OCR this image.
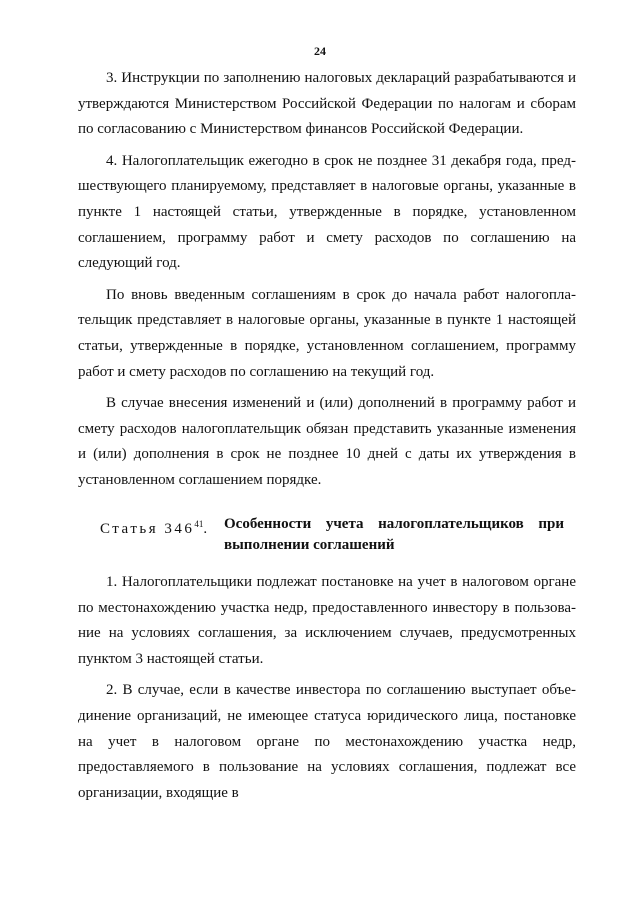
24

3. Инструкции по заполнению налоговых деклараций разрабатываются и утверждаются Министерством Российской Федерации по налогам и сборам по согласованию с Министерством финансов Российской Федерации.

4. Налогоплательщик ежегодно в срок не позднее 31 декабря года, предшествующего планируемому, представляет в налоговые органы, указанные в пункте 1 настоящей статьи, утвержденные в порядке, установленном соглашением, программу работ и смету расходов по соглашению на следующий год.

По вновь введенным соглашениям в срок до начала работ налогоплательщик представляет в налоговые органы, указанные в пункте 1 настоящей статьи, утвержденные в порядке, установленном соглашением, программу работ и смету расходов по соглашению на текущий год.

В случае внесения изменений и (или) дополнений в программу работ и смету расходов налогоплательщик обязан представить указанные изменения и (или) дополнения в срок не позднее 10 дней с даты их утверждения в установленном соглашением порядке.

Статья $346^{41}$. Особенности учета налогоплательщиков при выполнении соглашений

1. Налогоплательщики подлежат постановке на учет в налоговом органе по местонахождению участка недр, предоставленного инвестору в пользование на условиях соглашения, за исключением случаев, предусмотренных пунктом 3 настоящей статьи.

2. В случае, если в качестве инвестора по соглашению выступает объединение организаций, не имеющее статуса юридического лица, постановке на учет в налоговом органе по местонахождению участка недр, предоставляемого в пользование на условиях соглашения, подлежат все организации, входящие в
